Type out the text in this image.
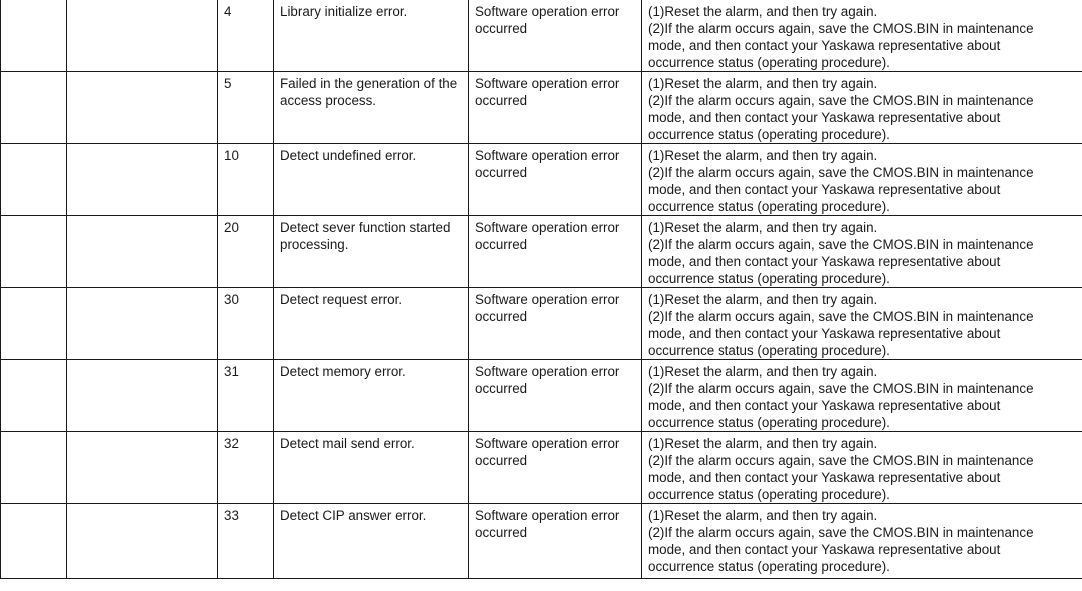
		4	Library initialize error.	Software operation error
occurred	(1)Reset the alarm, and then try again.
(2)If the alarm occurs again, save the CMOS.BIN in maintenance
mode, and then contact your Yaskawa representative about
occurrence status (operating procedure).

		5	Failed in the generation of the
access process.	Software operation error
occurred	(1)Reset the alarm, and then try again.
(2)If the alarm occurs again, save the CMOS.BIN in maintenance
mode, and then contact your Yaskawa representative about
occurrence status (operating procedure).

		10	Detect undefined error.	Software operation error
occurred	(1)Reset the alarm, and then try again.
(2)If the alarm occurs again, save the CMOS.BIN in maintenance
mode, and then contact your Yaskawa representative about
occurrence status (operating procedure).

		20	Detect sever function started
processing.	Software operation error
occurred	(1)Reset the alarm, and then try again.
(2)If the alarm occurs again, save the CMOS.BIN in maintenance
mode, and then contact your Yaskawa representative about
occurrence status (operating procedure).

		30	Detect request error.	Software operation error
occurred	(1)Reset the alarm, and then try again.
(2)If the alarm occurs again, save the CMOS.BIN in maintenance
mode, and then contact your Yaskawa representative about
occurrence status (operating procedure).

		31	Detect memory error.	Software operation error
occurred	(1)Reset the alarm, and then try again.
(2)If the alarm occurs again, save the CMOS.BIN in maintenance
mode, and then contact your Yaskawa representative about
occurrence status (operating procedure).

		32	Detect mail send error.	Software operation error
occurred	(1)Reset the alarm, and then try again.
(2)If the alarm occurs again, save the CMOS.BIN in maintenance
mode, and then contact your Yaskawa representative about
occurrence status (operating procedure).

		33	Detect CIP answer error.	Software operation error
occurred	(1)Reset the alarm, and then try again.
(2)If the alarm occurs again, save the CMOS.BIN in maintenance
mode, and then contact your Yaskawa representative about
occurrence status (operating procedure).
